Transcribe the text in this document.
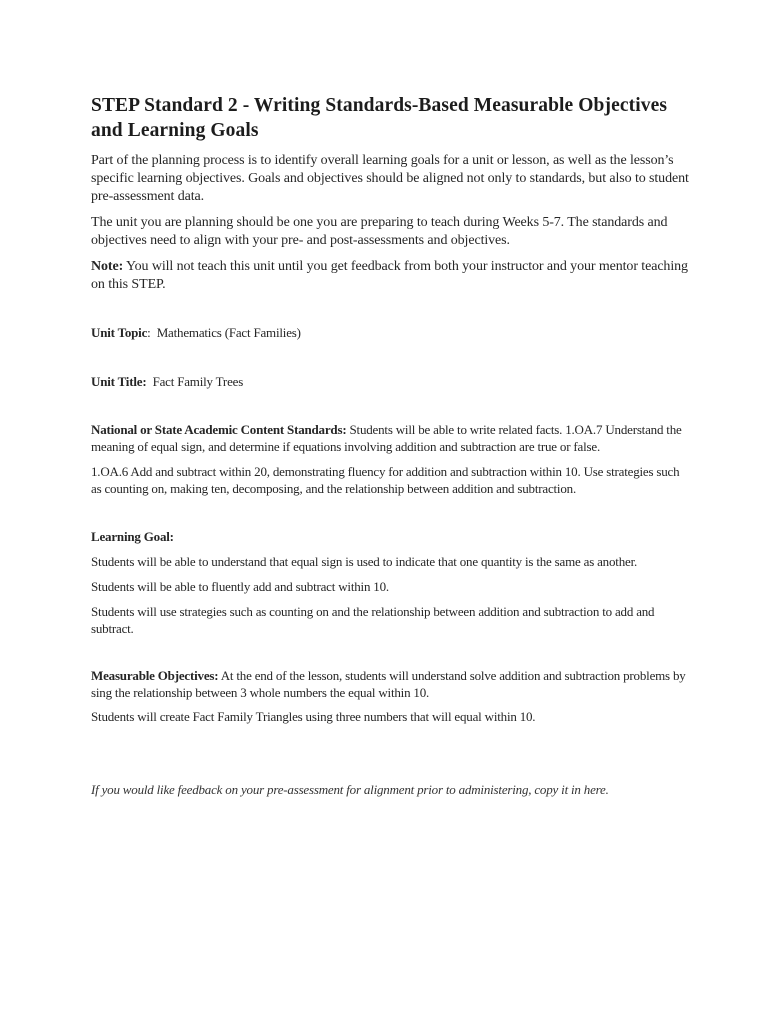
STEP Standard 2 - Writing Standards-Based Measurable Objectives and Learning Goals

Part of the planning process is to identify overall learning goals for a unit or lesson, as well as the lesson’s specific learning objectives. Goals and objectives should be aligned not only to standards, but also to student pre-assessment data.

The unit you are planning should be one you are preparing to teach during Weeks 5-7. The standards and objectives need to align with your pre- and post-assessments and objectives.

Note: You will not teach this unit until you get feedback from both your instructor and your mentor teaching on this STEP.

Unit Topic:  Mathematics (Fact Families)

Unit Title:  Fact Family Trees

National or State Academic Content Standards: Students will be able to write related facts. 1.OA.7 Understand the meaning of equal sign, and determine if equations involving addition and subtraction are true or false.

1.OA.6 Add and subtract within 20, demonstrating fluency for addition and subtraction within 10. Use strategies such as counting on, making ten, decomposing, and the relationship between addition and subtraction.

Learning Goal:

Students will be able to understand that equal sign is used to indicate that one quantity is the same as another.

Students will be able to fluently add and subtract within 10.

Students will use strategies such as counting on and the relationship between addition and subtraction to add and subtract.

Measurable Objectives: At the end of the lesson, students will understand solve addition and subtraction problems by sing the relationship between 3 whole numbers the equal within 10.

Students will create Fact Family Triangles using three numbers that will equal within 10.

If you would like feedback on your pre-assessment for alignment prior to administering, copy it in here.
